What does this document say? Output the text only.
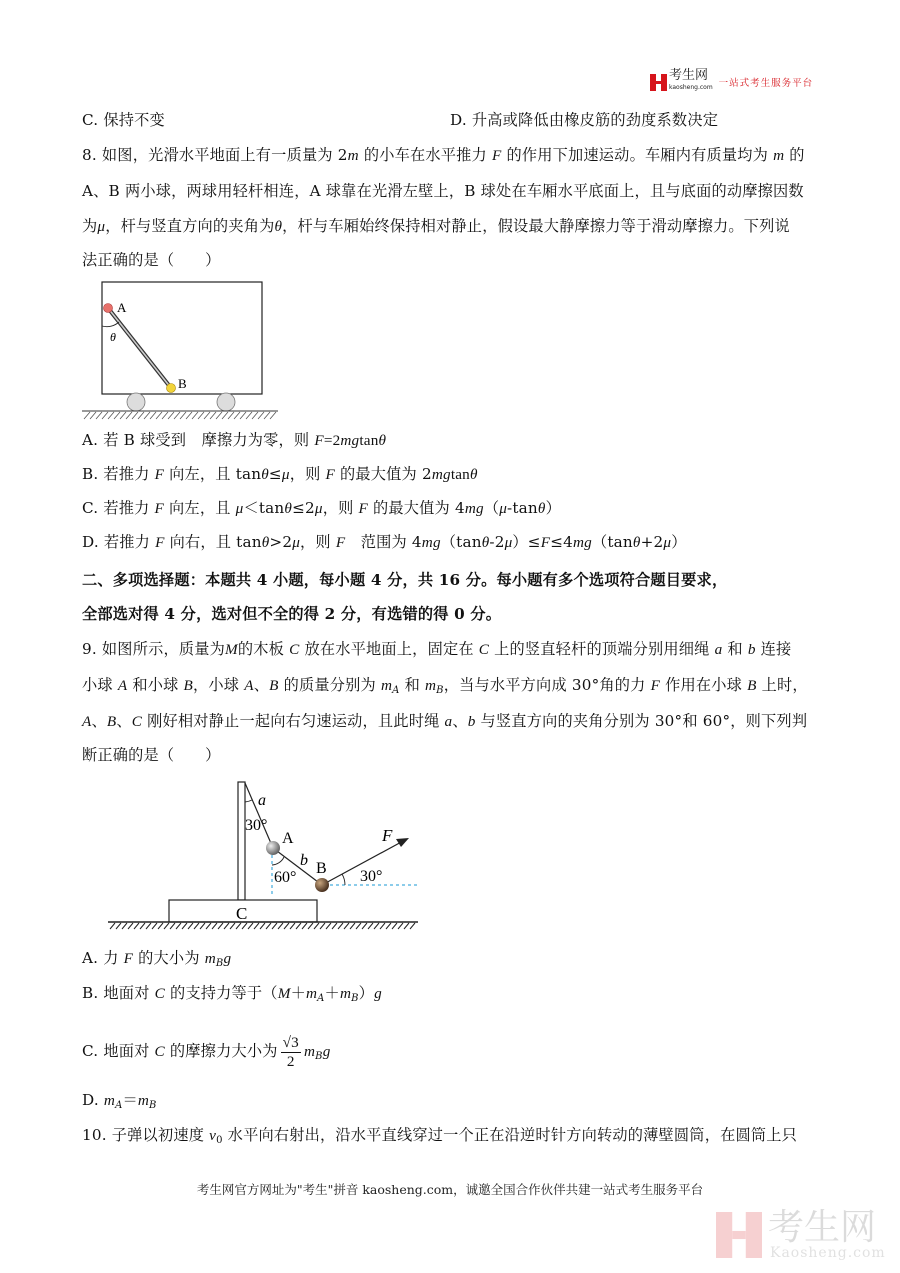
考生网
kaosheng.com 一站式考生服务平台
C. 保持不变	D. 升高或降低由橡皮筋的劲度系数决定
8. 如图，光滑水平地面上有一质量为 2m 的小车在水平推力 F 的作用下加速运动。车厢内有质量均为 m 的
A、B 两小球，两球用轻杆相连，A 球靠在光滑左壁上，B 球处在车厢水平底面上，且与底面的动摩擦因数
为μ，杆与竖直方向的夹角为θ，杆与车厢始终保持相对静止，假设最大静摩擦力等于滑动摩擦力。下列说
法正确的是（　　）
A
B
θ
A. 若 B 球受到　摩擦力为零，则 F=2mgtanθ
B. 若推力 F 向左，且 tanθ≤μ，则 F 的最大值为 2mgtanθ
C. 若推力 F 向左，且 μ＜tanθ≤2μ，则 F 的最大值为 4mg（μ-tanθ）
D. 若推力 F 向右，且 tanθ>2μ，则 F　范围为 4mg（tanθ-2μ）≤F≤4mg（tanθ+2μ）
二、多项选择题：本题共 4 小题，每小题 4 分，共 16 分。每小题有多个选项符合题目要求，
全部选对得 4 分，选对但不全的得 2 分，有选错的得 0 分。
9. 如图所示，质量为M的木板 C 放在水平地面上，固定在 C 上的竖直轻杆的顶端分别用细绳 a 和 b 连接
小球 A 和小球 B，小球 A、B 的质量分别为 $m_A$ 和 $m_B$，当与水平方向成 30°角的力 F 作用在小球 B 上时，
A、B、C 刚好相对静止一起向右匀速运动，且此时绳 a、b 与竖直方向的夹角分别为 30°和 60°，则下列判
断正确的是（　　）
a
30°
A
b
60°
B 30°
F
C
A. 力 F 的大小为 $m_Bg$
B. 地面对 C 的支持力等于$(M+m_A+m_B)g$
C. 地面对 C 的摩擦力大小为 $\frac{√3}{2} m_Bg$
D. $m_A=m_B$
10. 子弹以初速度 $v_0$ 水平向右射出，沿水平直线穿过一个正在沿逆时针方向转动的薄壁圆筒，在圆筒上只
考生网官方网址为"考生"拼音 kaosheng.com，诚邀全国合作伙伴共建一站式考生服务平台
考生网
Kaosheng.com
